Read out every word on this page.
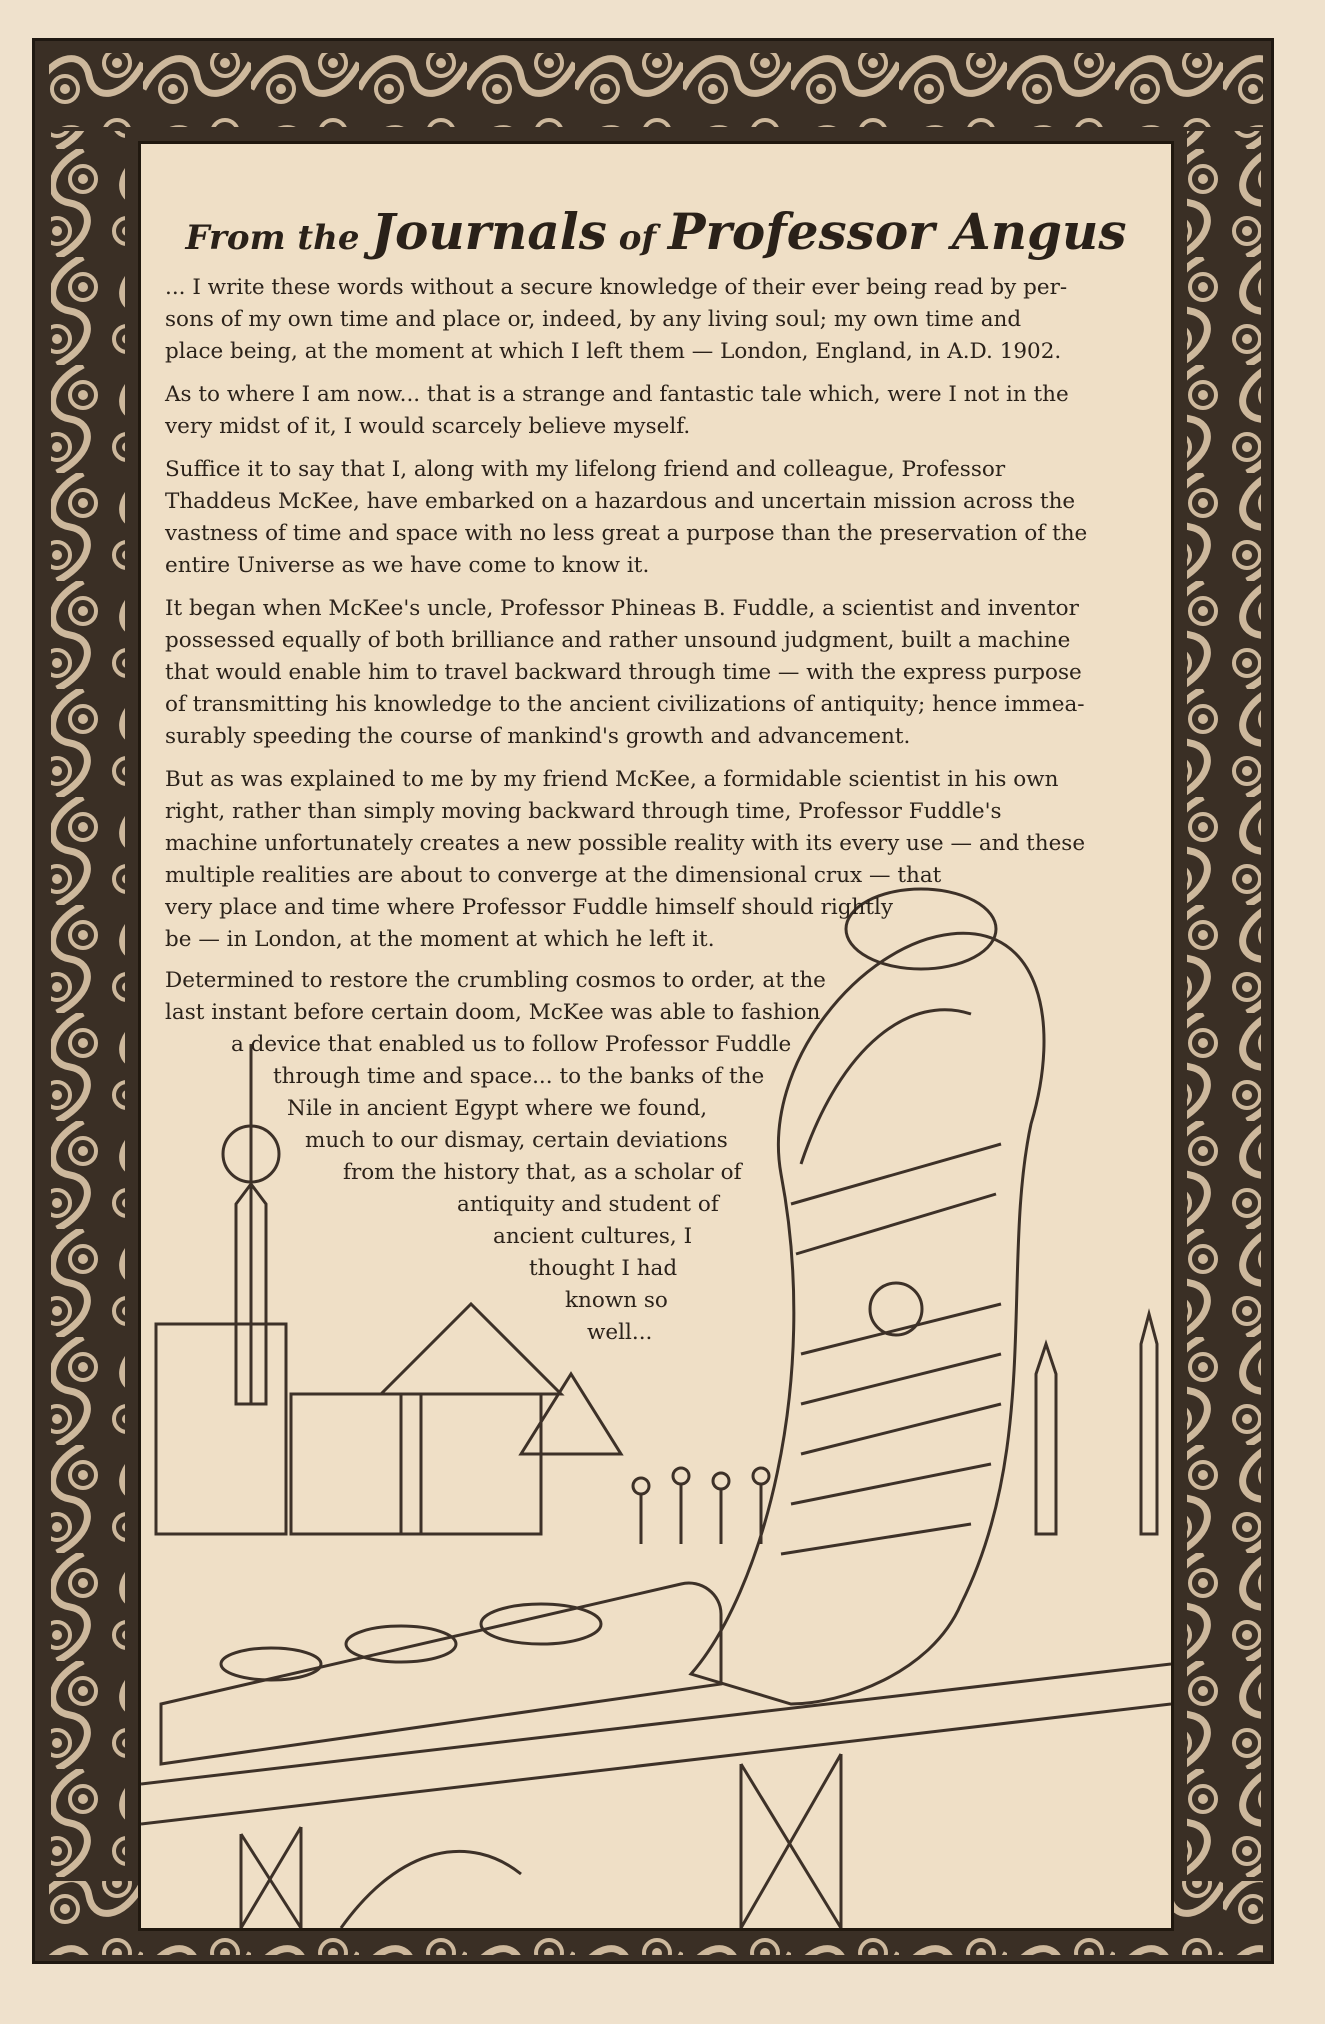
From the Journals of Professor Angus

... I write these words without a secure knowledge of their ever being read by per-
sons of my own time and place or, indeed, by any living soul; my own time and
place being, at the moment at which I left them — London, England, in A.D. 1902.

As to where I am now... that is a strange and fantastic tale which, were I not in the
very midst of it, I would scarcely believe myself.

Suffice it to say that I, along with my lifelong friend and colleague, Professor
Thaddeus McKee, have embarked on a hazardous and uncertain mission across the
vastness of time and space with no less great a purpose than the preservation of the
entire Universe as we have come to know it.

It began when McKee's uncle, Professor Phineas B. Fuddle, a scientist and inventor
possessed equally of both brilliance and rather unsound judgment, built a machine
that would enable him to travel backward through time — with the express purpose
of transmitting his knowledge to the ancient civilizations of antiquity; hence immea-
surably speeding the course of mankind's growth and advancement.

But as was explained to me by my friend McKee, a formidable scientist in his own
right, rather than simply moving backward through time, Professor Fuddle's
machine unfortunately creates a new possible reality with its every use — and these
multiple realities are about to converge at the dimensional crux — that
very place and time where Professor Fuddle himself should rightly
be — in London, at the moment at which he left it.

Determined to restore the crumbling cosmos to order, at the
last instant before certain doom, McKee was able to fashion
a device that enabled us to follow Professor Fuddle
through time and space... to the banks of the
Nile in ancient Egypt where we found,
much to our dismay, certain deviations
from the history that, as a scholar of
antiquity and student of
ancient cultures, I
thought I had
known so
well...
